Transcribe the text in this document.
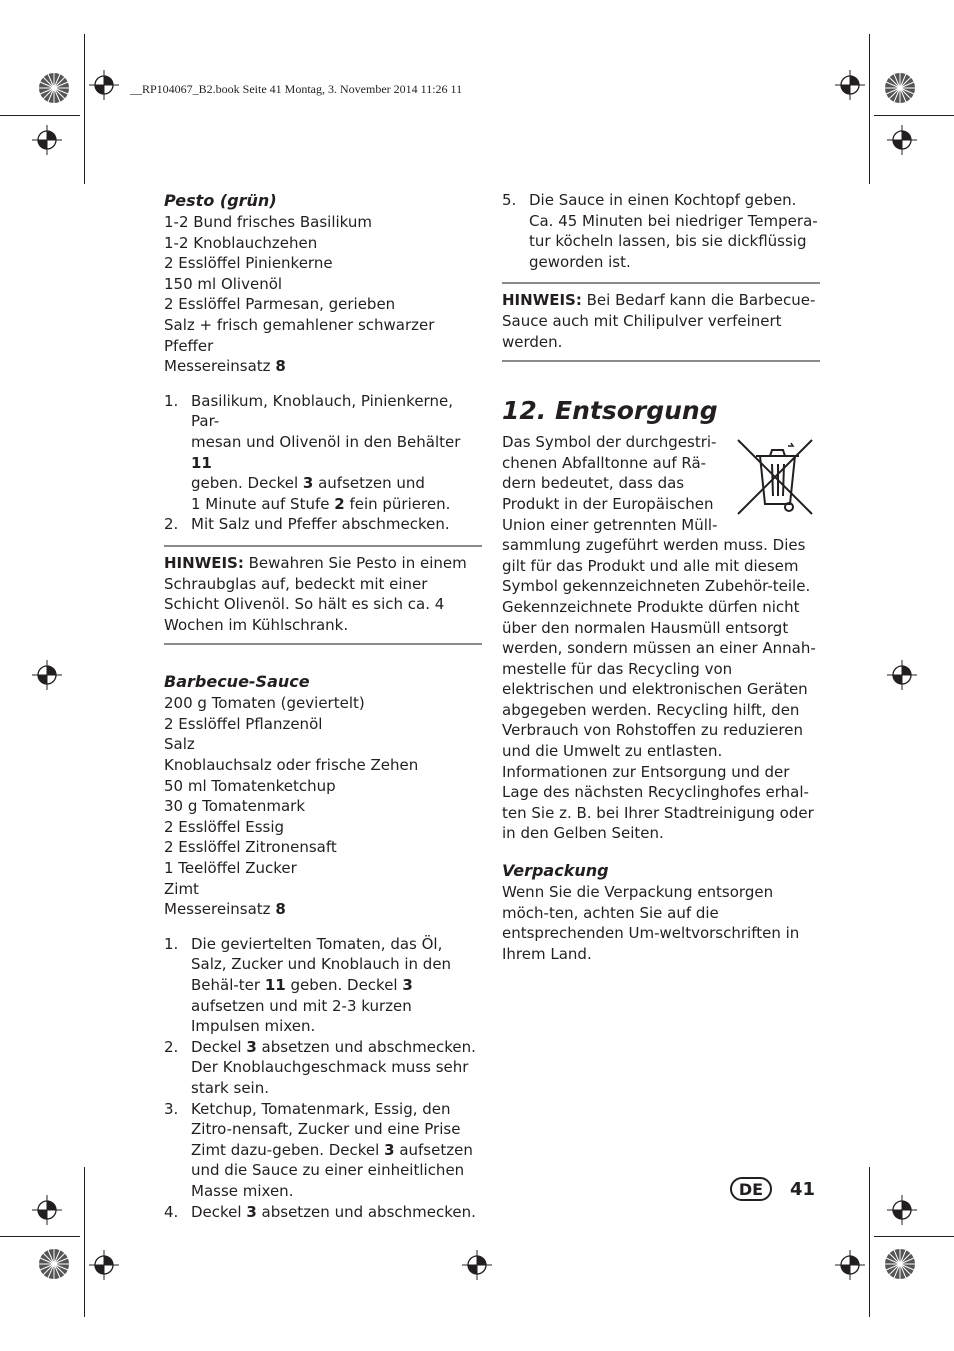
__RP104067_B2.book Seite 41 Montag, 3. November 2014 11:26 11

Pesto (grün)

1-2 Bund frisches Basilikum

1-2 Knoblauchzehen

2 Esslöffel Pinienkerne

150 ml Olivenöl

2 Esslöffel Parmesan, gerieben

Salz + frisch gemahlener schwarzer Pfeffer

Messereinsatz 8

1. Basilikum, Knoblauch, Pinienkerne, Par-
mesan und Olivenöl in den Behälter 11
geben. Deckel 3 aufsetzen und
1 Minute auf Stufe 2 fein pürieren.
2. Mit Salz und Pfeffer abschmecken.
HINWEIS: Bewahren Sie Pesto in einem Schraubglas auf, bedeckt mit einer Schicht Olivenöl. So hält es sich ca. 4 Wochen im Kühlschrank.

Barbecue-Sauce

200 g Tomaten (geviertelt)

2 Esslöffel Pflanzenöl

Salz

Knoblauchsalz oder frische Zehen

50 ml Tomatenketchup

30 g Tomatenmark

2 Esslöffel Essig

2 Esslöffel Zitronensaft

1 Teelöffel Zucker

Zimt

Messereinsatz 8

1. Die geviertelten Tomaten, das Öl, Salz, Zucker und Knoblauch in den Behäl-ter 11 geben. Deckel 3 aufsetzen und mit 2-3 kurzen Impulsen mixen.
2. Deckel 3 absetzen und abschmecken. Der Knoblauchgeschmack muss sehr stark sein.
3. Ketchup, Tomatenmark, Essig, den Zitro-nensaft, Zucker und eine Prise Zimt dazu-geben. Deckel 3 aufsetzen und die Sauce zu einer einheitlichen Masse mixen.
4. Deckel 3 absetzen und abschmecken.
5. Die Sauce in einen Kochtopf geben. Ca. 45 Minuten bei niedriger Tempera-tur köcheln lassen, bis sie dickflüssig geworden ist.
HINWEIS: Bei Bedarf kann die Barbecue-Sauce auch mit Chilipulver verfeinert werden.

12. Entsorgung

Das Symbol der durchgestri-chenen Abfalltonne auf Rä-dern bedeutet, dass das Produkt in der Europäischen Union einer getrennten Müll-sammlung zugeführt werden muss. Dies gilt für das Produkt und alle mit diesem Symbol gekennzeichneten Zubehör-teile. Gekennzeichnete Produkte dürfen nicht über den normalen Hausmüll entsorgt werden, sondern müssen an einer Annah-mestelle für das Recycling von elektrischen und elektronischen Geräten abgegeben werden. Recycling hilft, den Verbrauch von Rohstoffen zu reduzieren und die Umwelt zu entlasten. Informationen zur Entsorgung und der Lage des nächsten Recyclinghofes erhal-ten Sie z. B. bei Ihrer Stadtreinigung oder in den Gelben Seiten.

Verpackung

Wenn Sie die Verpackung entsorgen möch-ten, achten Sie auf die entsprechenden Um-weltvorschriften in Ihrem Land.

DE	41
